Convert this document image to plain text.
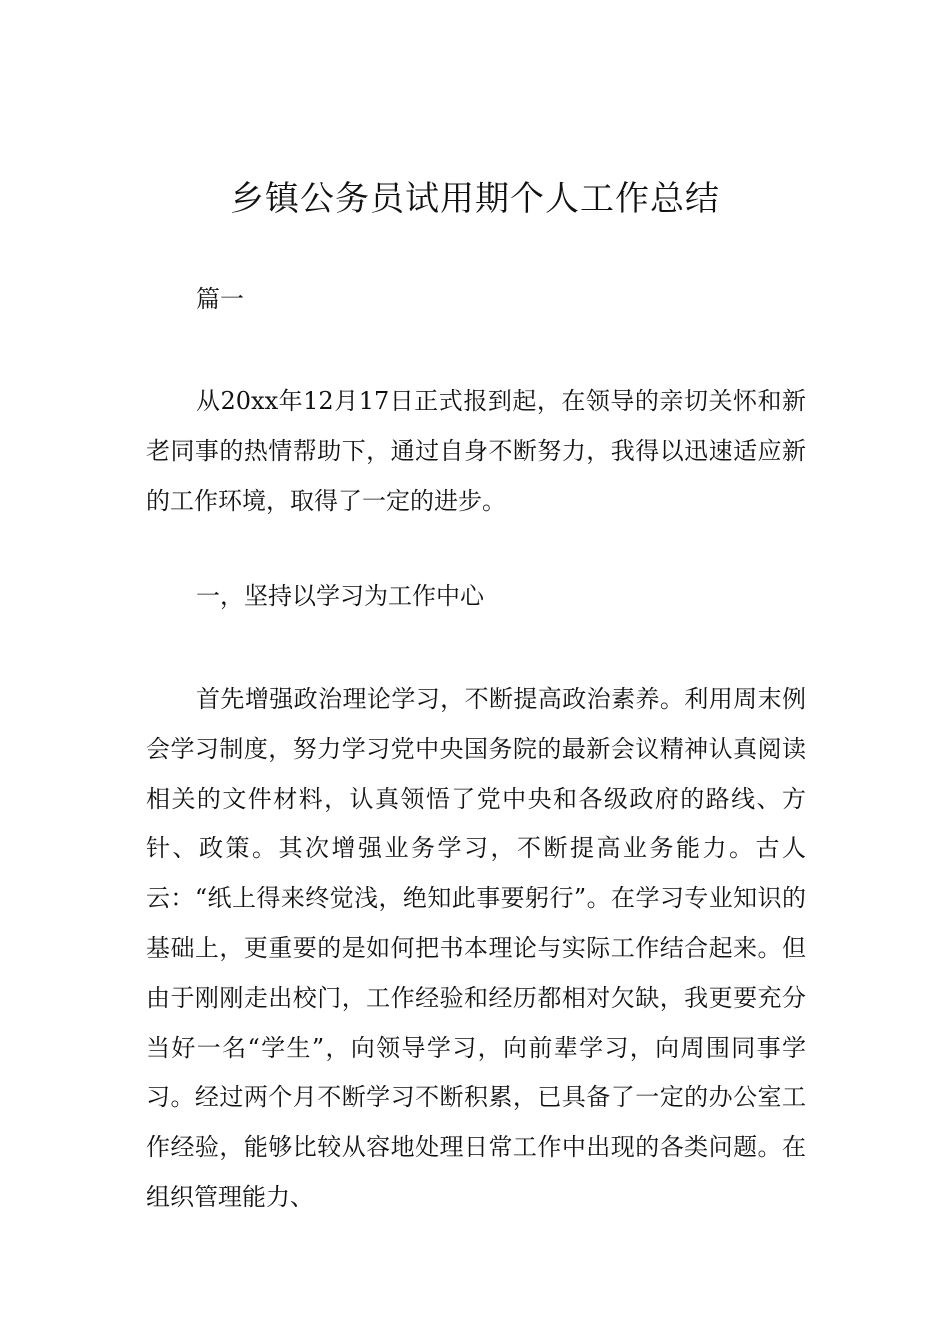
乡镇公务员试用期个人工作总结

篇一

从20xx年12月17日正式报到起，在领导的亲切关怀和新老同事的热情帮助下，通过自身不断努力，我得以迅速适应新的工作环境，取得了一定的进步。

一，坚持以学习为工作中心

首先增强政治理论学习，不断提高政治素养。利用周末例会学习制度，努力学习党中央国务院的最新会议精神认真阅读相关的文件材料，认真领悟了党中央和各级政府的路线、方针、政策。其次增强业务学习，不断提高业务能力。古人云：“纸上得来终觉浅，绝知此事要躬行”。在学习专业知识的基础上，更重要的是如何把书本理论与实际工作结合起来。但由于刚刚走出校门，工作经验和经历都相对欠缺，我更要充分当好一名“学生”，向领导学习，向前辈学习，向周围同事学习。经过两个月不断学习不断积累，已具备了一定的办公室工作经验，能够比较从容地处理日常工作中出现的各类问题。在组织管理能力、
